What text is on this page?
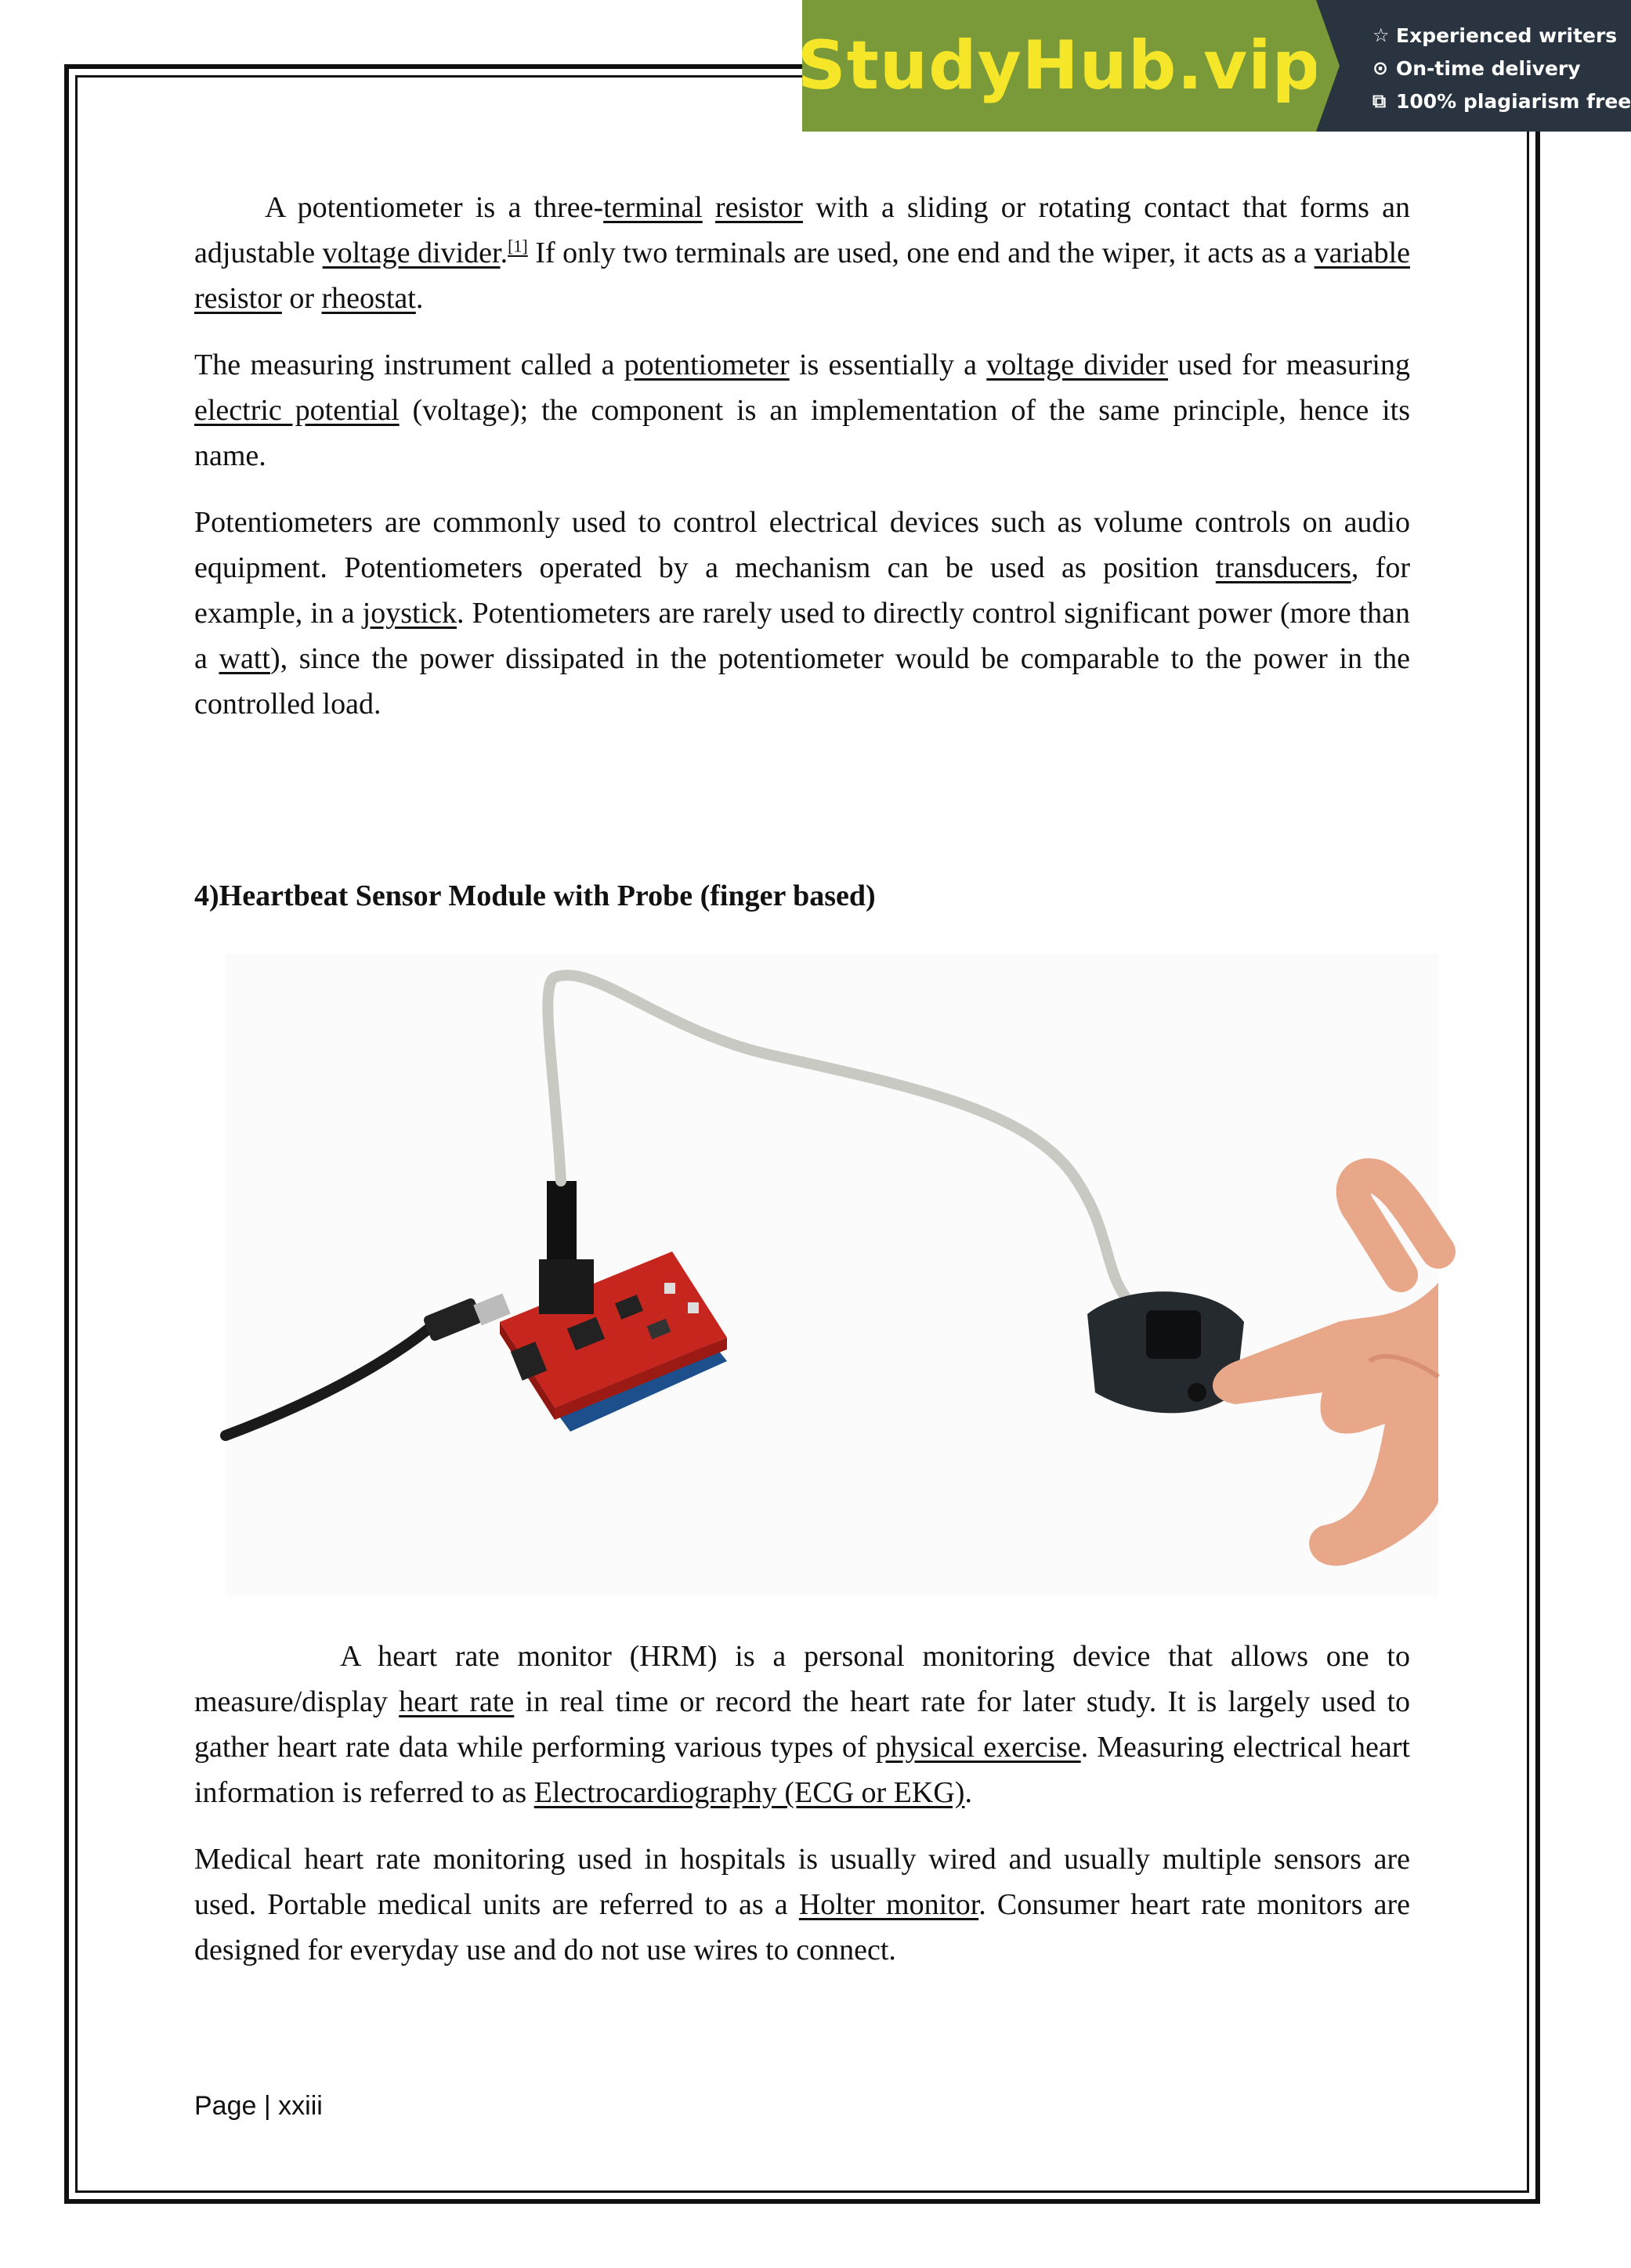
StudyHub.vip	☆ Experienced writers
⊙ On-time delivery
⧉ 100% plagiarism free

A potentiometer is a three-terminal resistor with a sliding or rotating contact that forms an adjustable voltage divider.[1] If only two terminals are used, one end and the wiper, it acts as a variable resistor or rheostat.

The measuring instrument called a potentiometer is essentially a voltage divider used for measuring electric potential (voltage); the component is an implementation of the same principle, hence its name.

Potentiometers are commonly used to control electrical devices such as volume controls on audio equipment. Potentiometers operated by a mechanism can be used as position transducers, for example, in a joystick. Potentiometers are rarely used to directly control significant power (more than a watt), since the power dissipated in the potentiometer would be comparable to the power in the controlled load.

4)Heartbeat Sensor Module with Probe (finger based)

A heart rate monitor (HRM) is a personal monitoring device that allows one to measure/display heart rate in real time or record the heart rate for later study. It is largely used to gather heart rate data while performing various types of physical exercise. Measuring electrical heart information is referred to as Electrocardiography (ECG or EKG).

Medical heart rate monitoring used in hospitals is usually wired and usually multiple sensors are used. Portable medical units are referred to as a Holter monitor. Consumer heart rate monitors are designed for everyday use and do not use wires to connect.

Page | xxiii
